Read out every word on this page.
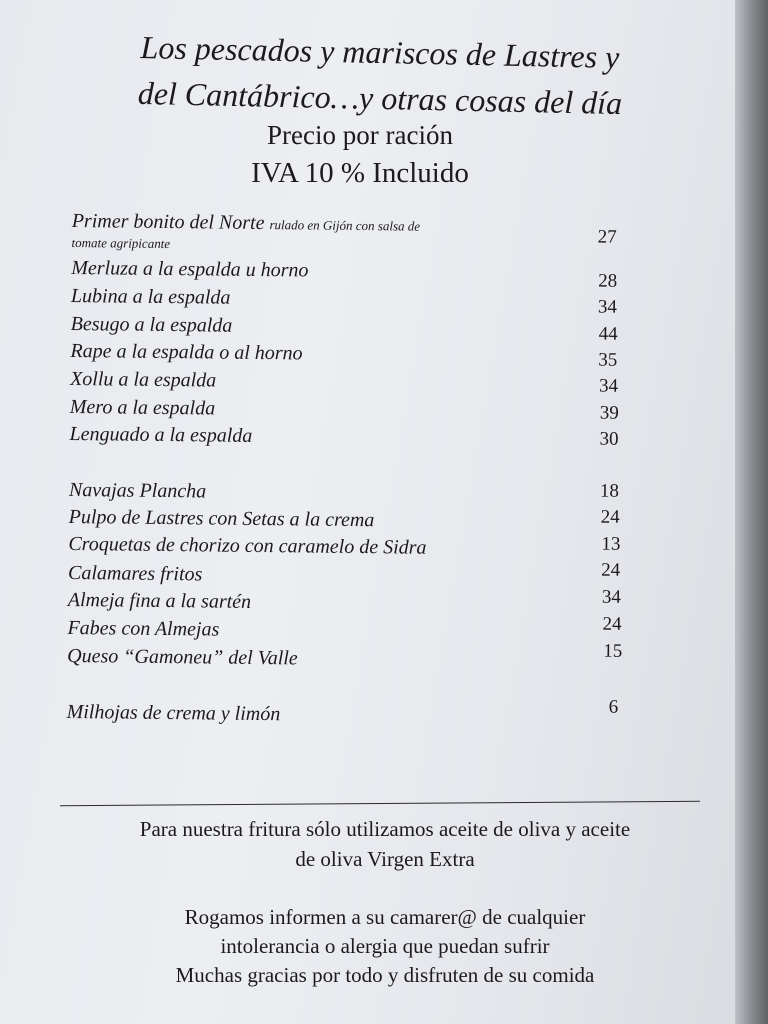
Los pescados y mariscos de Lastres y
del Cantábrico…y otras cosas del día
Precio por ración
IVA 10 % Incluido
Primer bonito del Norte rulado en Gijón con salsa de
tomate agripicante	27
Merluza a la espalda u horno	28
Lubina a la espalda	34
Besugo a la espalda	44
Rape a la espalda o al horno	35
Xollu a la espalda	34
Mero a la espalda	39
Lenguado a la espalda	30
Navajas Plancha	18
Pulpo de Lastres con Setas a la crema	24
Croquetas de chorizo con caramelo de Sidra	13
Calamares fritos	24
Almeja fina a la sartén	34
Fabes con Almejas	24
Queso “Gamoneu” del Valle	15
Milhojas de crema y limón	6
Para nuestra fritura sólo utilizamos aceite de oliva y aceite
de oliva Virgen Extra
Rogamos informen a su camarer@ de cualquier
intolerancia o alergia que puedan sufrir
Muchas gracias por todo y disfruten de su comida
